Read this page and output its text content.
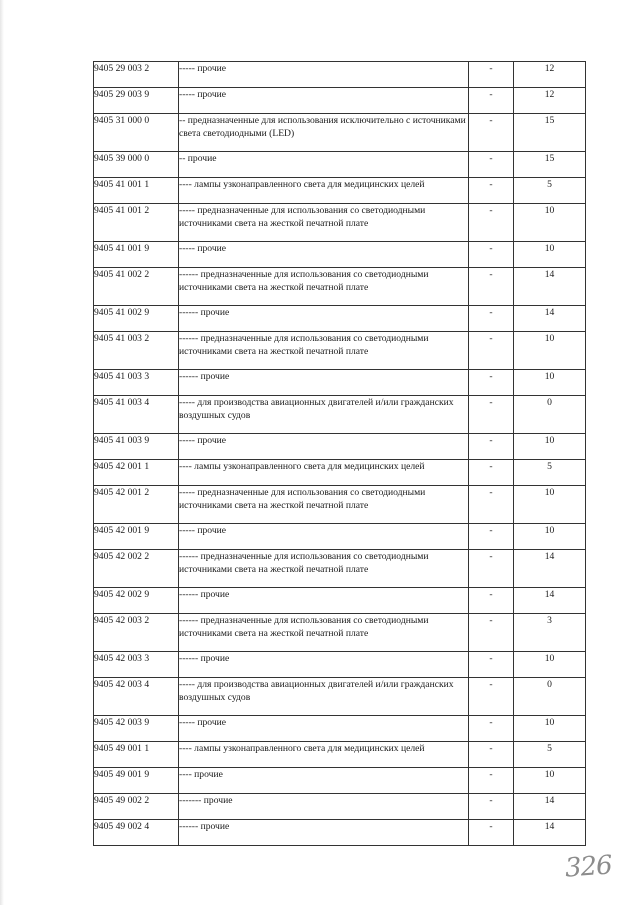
9405 29 003 2	----- прочие	-	12
9405 29 003 9	----- прочие	-	12
9405 31 000 0	-- предназначенные для использования исключительно с источниками света светодиодными (LED)	-	15
9405 39 000 0	-- прочие	-	15
9405 41 001 1	---- лампы узконаправленного света для медицинских целей	-	5
9405 41 001 2	----- предназначенные для использования со светодиодными источниками света на жесткой печатной плате	-	10
9405 41 001 9	----- прочие	-	10
9405 41 002 2	------ предназначенные для использования со светодиодными источниками света на жесткой печатной плате	-	14
9405 41 002 9	------ прочие	-	14
9405 41 003 2	------ предназначенные для использования со светодиодными источниками света на жесткой печатной плате	-	10
9405 41 003 3	------ прочие	-	10
9405 41 003 4	----- для производства авиационных двигателей и/или гражданских воздушных судов	-	0
9405 41 003 9	----- прочие	-	10
9405 42 001 1	---- лампы узконаправленного света для медицинских целей	-	5
9405 42 001 2	----- предназначенные для использования со светодиодными источниками света на жесткой печатной плате	-	10
9405 42 001 9	----- прочие	-	10
9405 42 002 2	------ предназначенные для использования со светодиодными источниками света на жесткой печатной плате	-	14
9405 42 002 9	------ прочие	-	14
9405 42 003 2	------ предназначенные для использования со светодиодными источниками света на жесткой печатной плате	-	3
9405 42 003 3	------ прочие	-	10
9405 42 003 4	----- для производства авиационных двигателей и/или гражданских воздушных судов	-	0
9405 42 003 9	----- прочие	-	10
9405 49 001 1	---- лампы узконаправленного света для медицинских целей	-	5
9405 49 001 9	---- прочие	-	10
9405 49 002 2	------- прочие	-	14
9405 49 002 4	------ прочие	-	14
326
